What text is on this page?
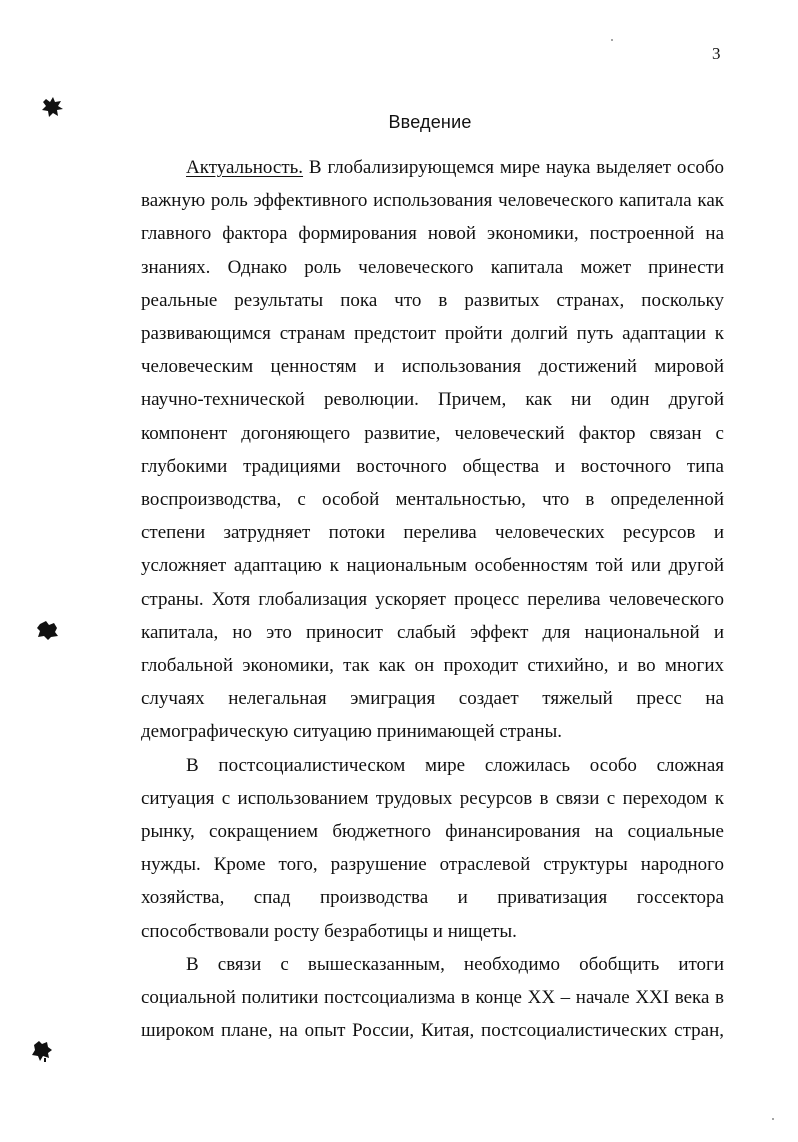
3
Введение

Актуальность. В глобализирующемся мире наука выделяет особо важную роль эффективного использования человеческого капитала как главного фактора формирования новой экономики, построенной на знаниях. Однако роль человеческого капитала может принести реальные результаты пока что в развитых странах, поскольку развивающимся странам предстоит пройти долгий путь адаптации к человеческим ценностям и использования достижений мировой научно-технической революции. Причем, как ни один другой компонент догоняющего развитие, человеческий фактор связан с глубокими традициями восточного общества и восточного типа воспроизводства, с особой ментальностью, что в определенной степени затрудняет потоки перелива человеческих ресурсов и усложняет адаптацию к национальным особенностям той или другой страны. Хотя глобализация ускоряет процесс перелива человеческого капитала, но это приносит слабый эффект для национальной и глобальной экономики, так как он проходит стихийно, и во многих случаях нелегальная эмиграция создает тяжелый пресс на демографическую ситуацию принимающей страны.

В постсоциалистическом мире сложилась особо сложная ситуация с использованием трудовых ресурсов в связи с переходом к рынку, сокращением бюджетного финансирования на социальные нужды. Кроме того, разрушение отраслевой структуры народного хозяйства, спад производства и приватизация госсектора способствовали росту безработицы и нищеты.

В связи с вышесказанным, необходимо обобщить итоги социальной политики постсоциализма в конце XX – начале XXI века в широком плане, на опыт России, Китая, постсоциалистических стран,
